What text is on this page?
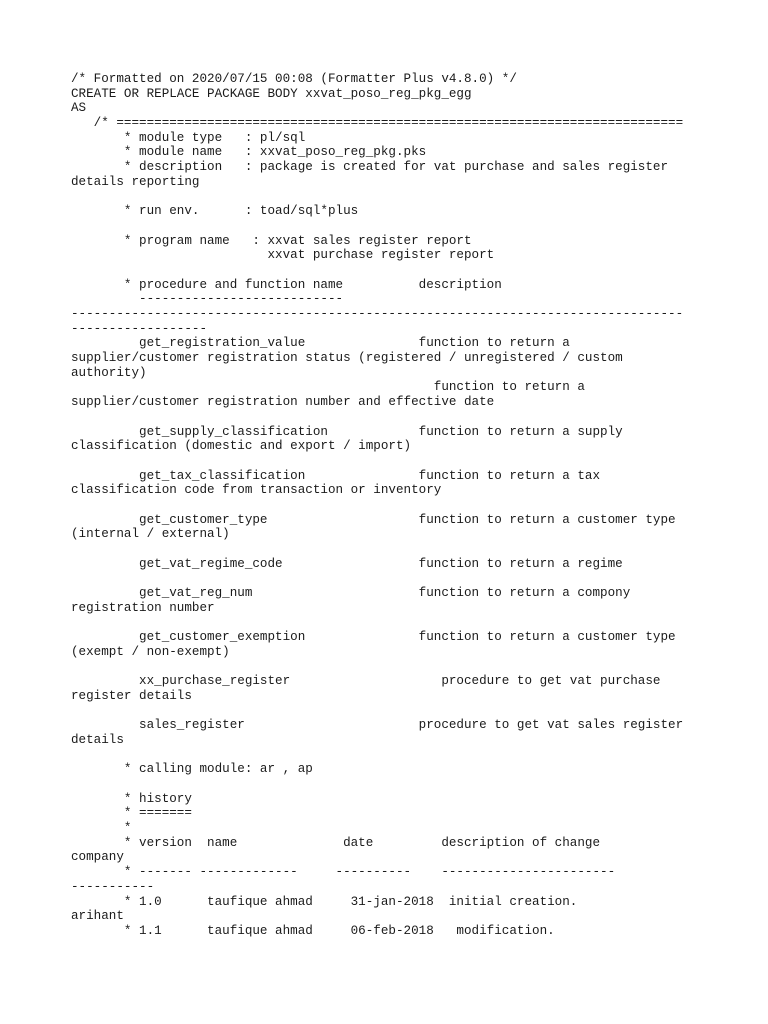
/* Formatted on 2020/07/15 00:08 (Formatter Plus v4.8.0) */
CREATE OR REPLACE PACKAGE BODY xxvat_poso_reg_pkg_egg
AS
/* ===========================================================================
* module type   : pl/sql
* module name   : xxvat_poso_reg_pkg.pks
* description   : package is created for vat purchase and sales register
details reporting
* run env.      : toad/sql*plus
* program name   : xxvat sales register report
xxvat purchase register report
* procedure and function name          description
---------------------------
---------------------------------------------------------------------------------
------------------
get_registration_value               function to return a
supplier/customer registration status (registered / unregistered / custom
authority)
function to return a
supplier/customer registration number and effective date
get_supply_classification            function to return a supply
classification (domestic and export / import)
get_tax_classification               function to return a tax
classification code from transaction or inventory
get_customer_type                    function to return a customer type
(internal / external)
get_vat_regime_code                  function to return a regime
get_vat_reg_num                      function to return a compony
registration number
get_customer_exemption               function to return a customer type
(exempt / non-exempt)
xx_purchase_register                    procedure to get vat purchase
register details
sales_register                       procedure to get vat sales register
details
* calling module: ar , ap
* history
* =======
*
* version  name              date         description of change
company
* ------- -------------     ----------    -----------------------
-----------
* 1.0      taufique ahmad     31-jan-2018  initial creation.
arihant
* 1.1      taufique ahmad     06-feb-2018   modification.
